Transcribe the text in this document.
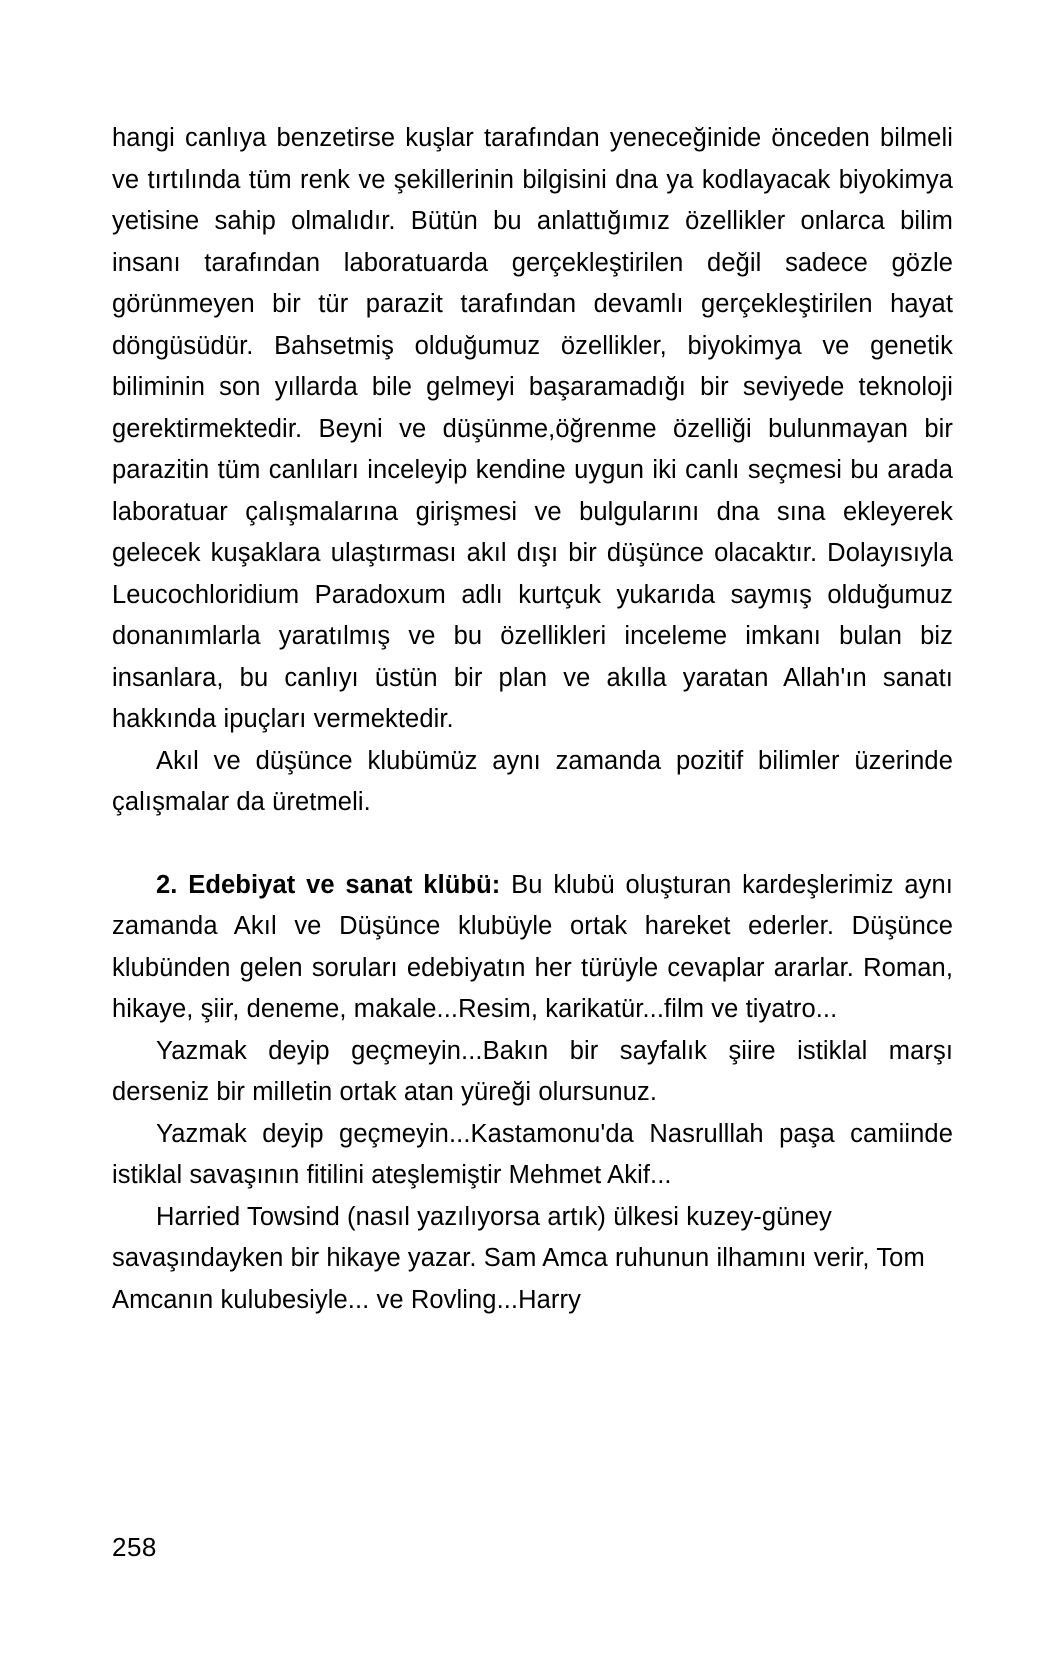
hangi canlıya benzetirse kuşlar tarafından yeneceğinide önceden bilmeli ve tırtılında tüm renk ve şekillerinin bilgisini dna ya kodlayacak biyokimya yetisine sahip olmalıdır. Bütün bu anlattığımız özellikler onlarca bilim insanı tarafından laboratuarda gerçekleştirilen değil sadece gözle görünmeyen bir tür parazit tarafından devamlı gerçekleştirilen hayat döngüsüdür. Bahsetmiş olduğumuz özellikler, biyokimya ve genetik biliminin son yıllarda bile gelmeyi başaramadığı bir seviyede teknoloji gerektirmektedir. Beyni ve düşünme,öğrenme özelliği bulunmayan bir parazitin tüm canlıları inceleyip kendine uygun iki canlı seçmesi bu arada laboratuar çalışmalarına girişmesi ve bulgularını dna sına ekleyerek gelecek kuşaklara ulaştırması akıl dışı bir düşünce olacaktır. Dolayısıyla Leucochloridium Paradoxum adlı kurtçuk yukarıda saymış olduğumuz donanımlarla yaratılmış ve bu özellikleri inceleme imkanı bulan biz insanlara, bu canlıyı üstün bir plan ve akılla yaratan Allah'ın sanatı hakkında ipuçları vermektedir.

Akıl ve düşünce klubümüz aynı zamanda pozitif bilimler üzerinde çalışmalar da üretmeli.

2. Edebiyat ve sanat klübü: Bu klubü oluşturan kardeşlerimiz aynı zamanda Akıl ve Düşünce klubüyle ortak hareket ederler. Düşünce klubünden gelen soruları edebiyatın her türüyle cevaplar ararlar. Roman, hikaye, şiir, deneme, makale...Resim, karikatür...film ve tiyatro...

Yazmak deyip geçmeyin...Bakın bir sayfalık şiire istiklal marşı derseniz bir milletin ortak atan yüreği olursunuz.

Yazmak deyip geçmeyin...Kastamonu'da Nasrulllah paşa camiinde istiklal savaşının fitilini ateşlemiştir Mehmet Akif...

Harried Towsind (nasıl yazılıyorsa artık) ülkesi kuzey-güney savaşındayken bir hikaye yazar. Sam Amca ruhunun ilhamını verir, Tom Amcanın kulubesiyle... ve Rovling...Harry

258
